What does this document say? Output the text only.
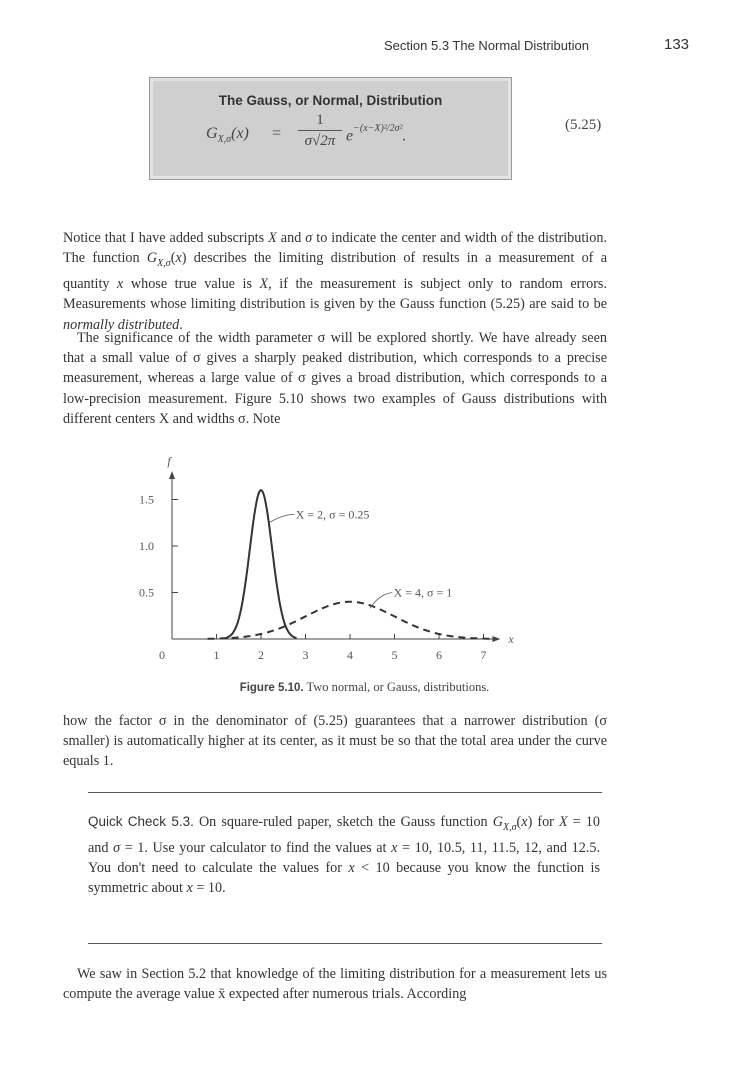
Section 5.3 The Normal Distribution	133
The Gauss, or Normal, Distribution
$G_{X,\sigma}(x)$ =
1
σ√2π $e^{-(x-X)^2/2\sigma^2}$.
(5.25)

Notice that I have added subscripts X and σ to indicate the center and width of the distribution. The function $G_{X,\sigma}(x)$ describes the limiting distribution of results in a measurement of a quantity x whose true value is X, if the measurement is subject only to random errors. Measurements whose limiting distribution is given by the Gauss function (5.25) are said to be normally distributed.

The significance of the width parameter σ will be explored shortly. We have already seen that a small value of σ gives a sharply peaked distribution, which corresponds to a precise measurement, whereas a large value of σ gives a broad distribution, which corresponds to a low-precision measurement. Figure 5.10 shows two examples of Gauss distributions with different centers X and widths σ. Note

0	1	2	3	4	5	6	7
0.5
1.0
1.5
f
x
X = 2, σ = 0.25
X = 4, σ = 1
Figure 5.10. Two normal, or Gauss, distributions.

how the factor σ in the denominator of (5.25) guarantees that a narrower distribution (σ smaller) is automatically higher at its center, as it must be so that the total area under the curve equals 1.

Quick Check 5.3. On square-ruled paper, sketch the Gauss function $G_{X,\sigma}(x)$ for X = 10 and σ = 1. Use your calculator to find the values at x = 10, 10.5, 11, 11.5, 12, and 12.5. You don't need to calculate the values for x < 10 because you know the function is symmetric about x = 10.

We saw in Section 5.2 that knowledge of the limiting distribution for a measurement lets us compute the average value x̄ expected after numerous trials. According
